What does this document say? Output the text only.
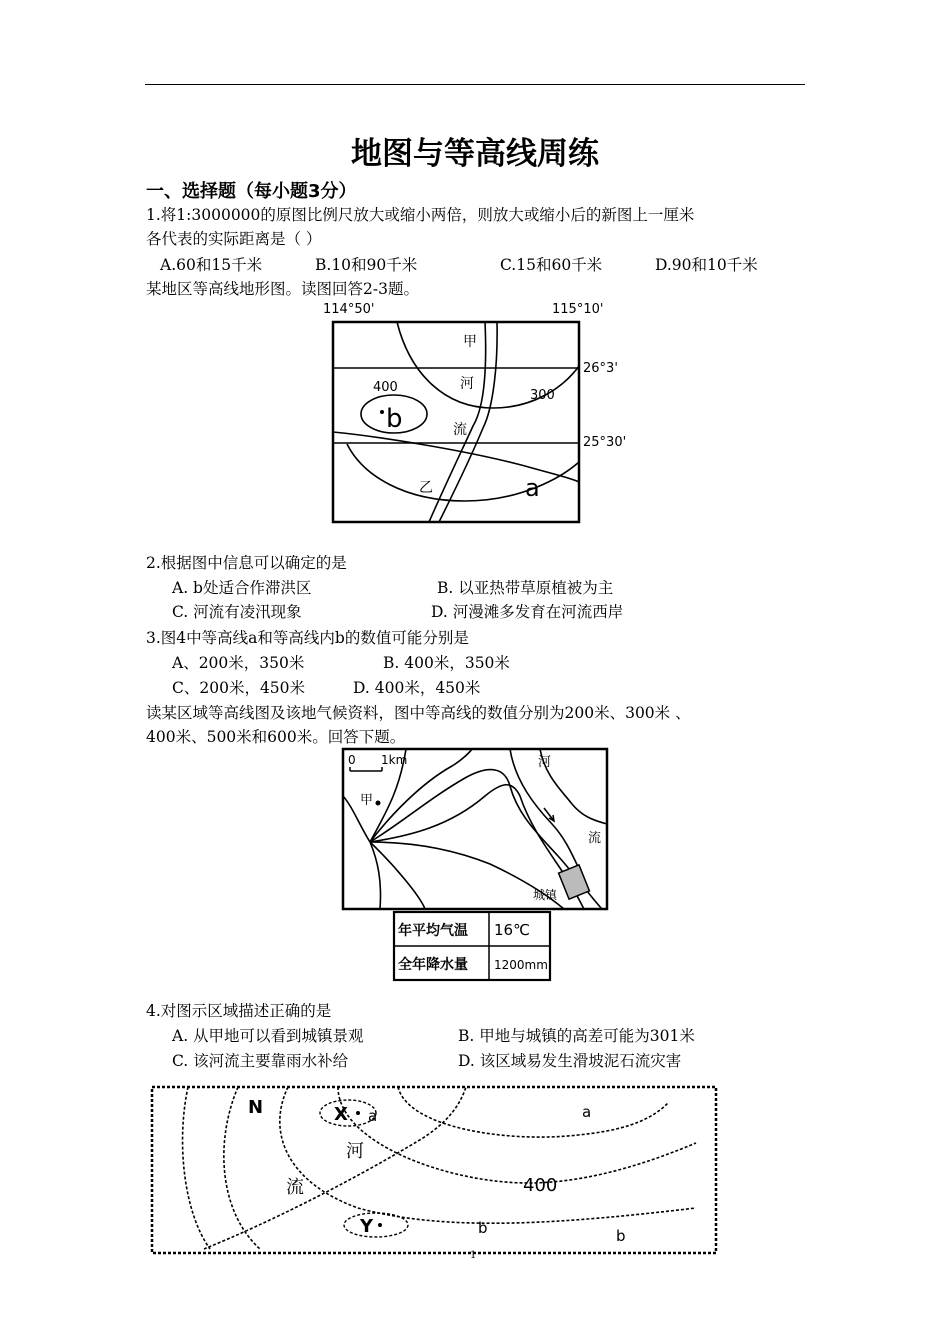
地图与等高线周练
一、选择题（每小题3分）
1.将1:3000000的原图比例尺放大或缩小两倍，则放大或缩小后的新图上一厘米
各代表的实际距离是（ ）
A.60和15千米	B.10和90千米	C.15和60千米	D.90和10千米
某地区等高线地形图。读图回答2-3题。
114°50'	115°10'
26°3'
25°30'
400
300
甲
河
流
乙
b
a
2.根据图中信息可以确定的是
A. b处适合作滞洪区	B. 以亚热带草原植被为主
C. 河流有凌汛现象	D. 河漫滩多发育在河流西岸
3.图4中等高线a和等高线内b的数值可能分别是
A、200米，350米	B. 400米，350米
C、200米，450米	D. 400米，450米
读某区域等高线图及该地气候资料，图中等高线的数值分别为200米、300米 、
400米、500米和600米。回答下题。
0 1km
甲
河
流
城镇
年平均气温 16℃
全年降水量 1200mm
4.对图示区域描述正确的是
A. 从甲地可以看到城镇景观	B. 甲地与城镇的高差可能为301米
C. 该河流主要靠雨水补给	D. 该区域易发生滑坡泥石流灾害
N	X a	a
河
流	400
Y	b	b
1
